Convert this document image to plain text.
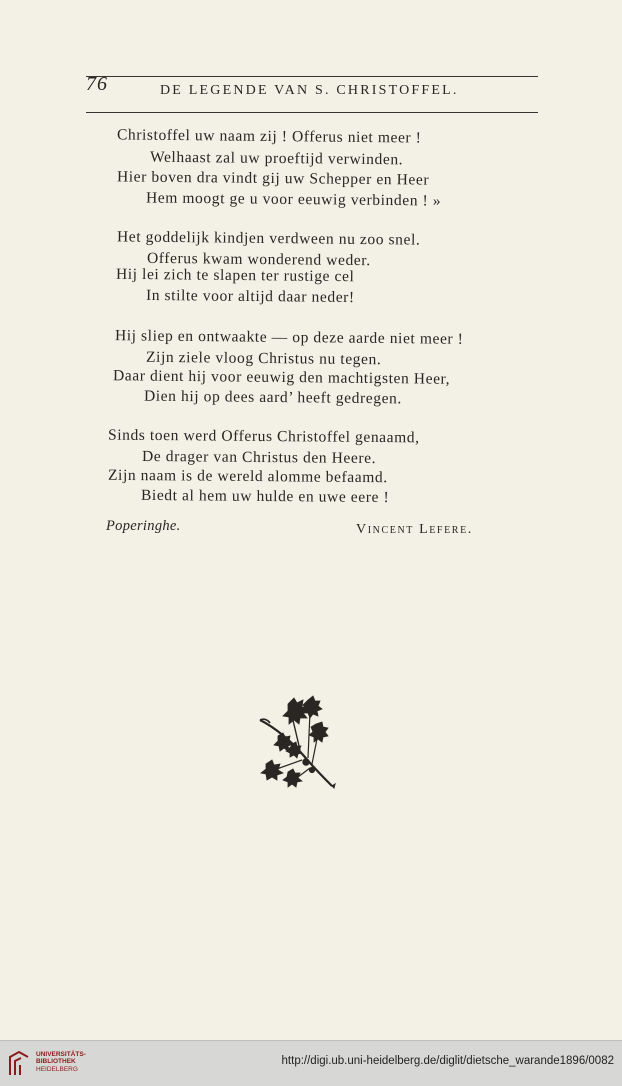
76	DE LEGENDE VAN S. CHRISTOFFEL.
Christoffel uw naam zij ! Offerus niet meer !
Welhaast zal uw proeftijd verwinden.
Hier boven dra vindt gij uw Schepper en Heer
Hem moogt ge u voor eeuwig verbinden ! »
Het goddelijk kindjen verdween nu zoo snel.
Offerus kwam wonderend weder.
Hij lei zich te slapen ter rustige cel
In stilte voor altijd daar neder!
Hij sliep en ontwaakte — op deze aarde niet meer !
Zijn ziele vloog Christus nu tegen.
Daar dient hij voor eeuwig den machtigsten Heer,
Dien hij op dees aard’ heeft gedregen.
Sinds toen werd Offerus Christoffel genaamd,
De drager van Christus den Heere.
Zijn naam is de wereld alomme befaamd.
Biedt al hem uw hulde en uwe eere !
Poperinghe.	Vincent Lefere.
UNIVERSITÄTS-
BIBLIOTHEK
HEIDELBERG
http://digi.ub.uni-heidelberg.de/diglit/dietsche_warande1896/0082
